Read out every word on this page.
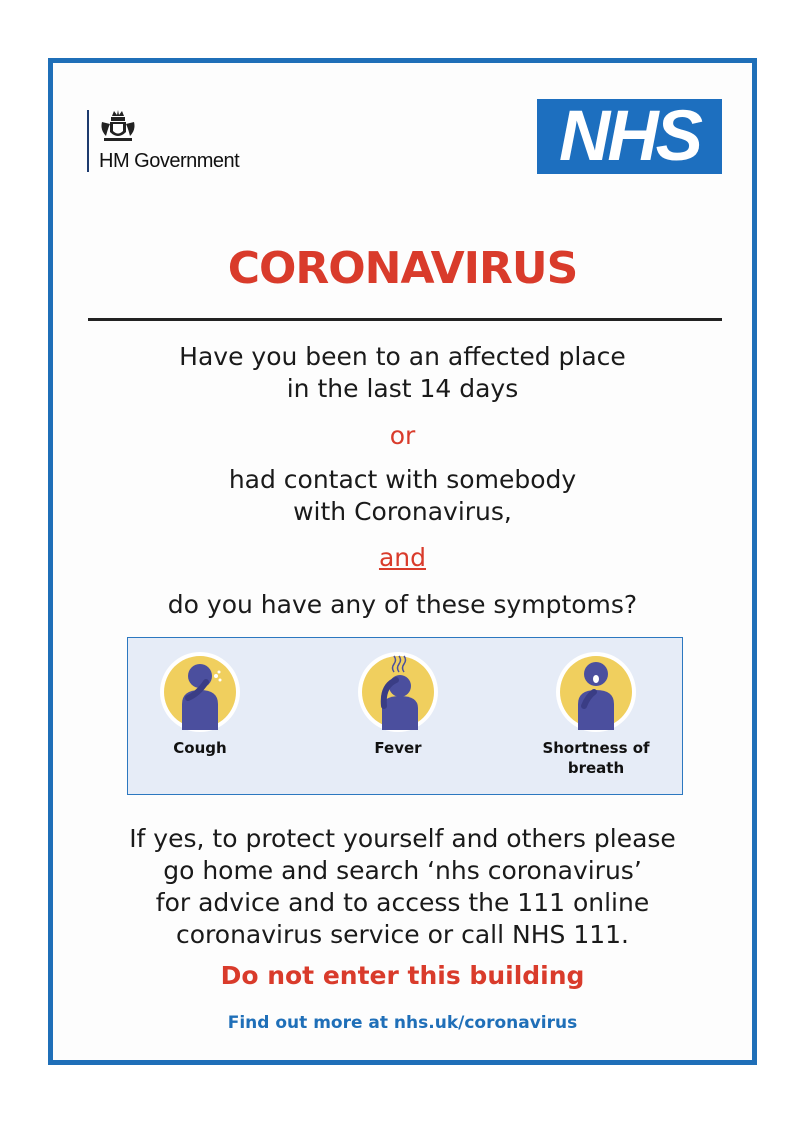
HM Government	NHS
CORONAVIRUS
Have you been to an affected place
in the last 14 days
or
had contact with somebody
with Coronavirus,
and
do you have any of these symptoms?
Cough	Fever	Shortness of
breath
If yes, to protect yourself and others please
go home and search ‘nhs coronavirus’
for advice and to access the 111 online
coronavirus service or call NHS 111.
Do not enter this building
Find out more at nhs.uk/coronavirus
